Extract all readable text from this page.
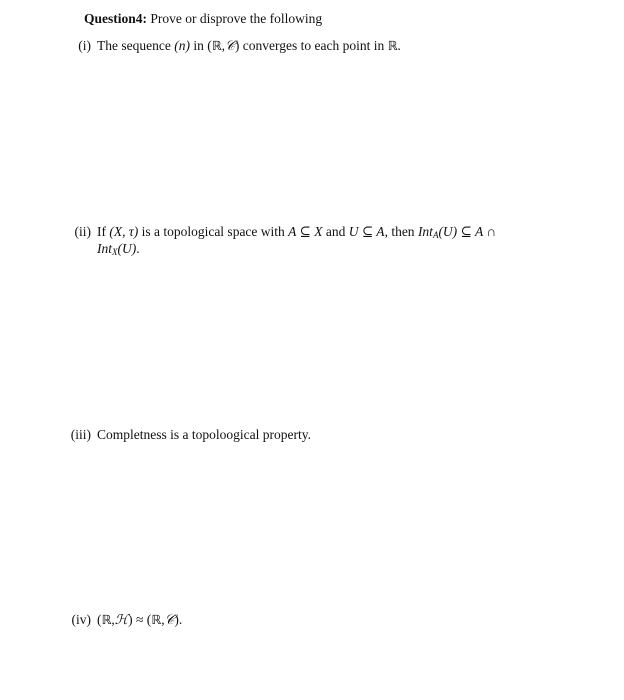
Question4: Prove or disprove the following
(i) The sequence (n) in (ℝ,𝒞) converges to each point in ℝ.
(ii) If (X, τ) is a topological space with A ⊆ X and U ⊆ A, then Int$_A$(U) ⊆ A ∩
Int$_X$(U).
(iii) Completness is a topoloogical property.
(iv) (ℝ,ℋ) ≈ (ℝ,𝒞).
